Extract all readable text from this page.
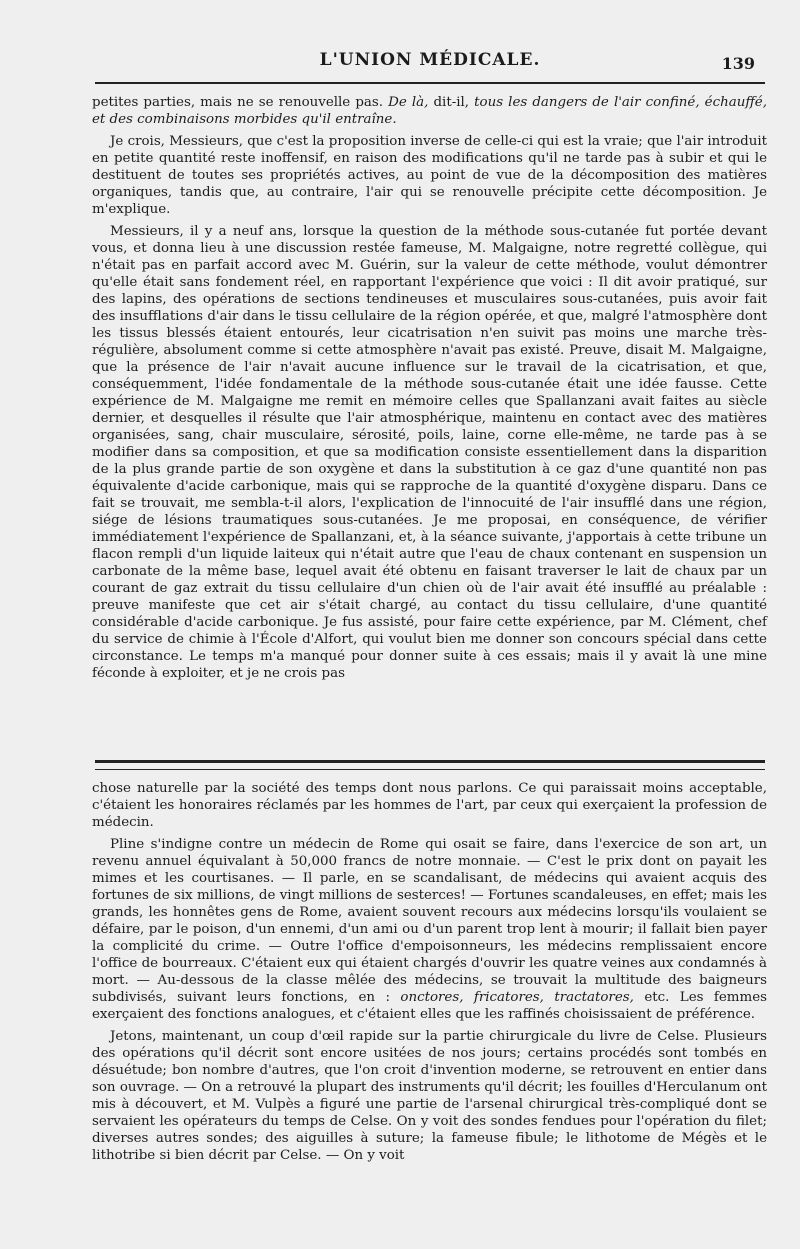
L'UNION MÉDICALE.	139

petites parties, mais ne se renouvelle pas. De là, dit-il, tous les dangers de l'air confiné, échauffé, et des combinaisons morbides qu'il entraîne.

Je crois, Messieurs, que c'est la proposition inverse de celle-ci qui est la vraie; que l'air introduit en petite quantité reste inoffensif, en raison des modifications qu'il ne tarde pas à subir et qui le destituent de toutes ses propriétés actives, au point de vue de la décomposition des matières organiques, tandis que, au contraire, l'air qui se renouvelle précipite cette décomposition. Je m'explique.

Messieurs, il y a neuf ans, lorsque la question de la méthode sous-cutanée fut portée devant vous, et donna lieu à une discussion restée fameuse, M. Malgaigne, notre regretté collègue, qui n'était pas en parfait accord avec M. Guérin, sur la valeur de cette méthode, voulut démontrer qu'elle était sans fondement réel, en rapportant l'expérience que voici : Il dit avoir pratiqué, sur des lapins, des opérations de sections tendineuses et musculaires sous-cutanées, puis avoir fait des insufflations d'air dans le tissu cellulaire de la région opérée, et que, malgré l'atmosphère dont les tissus blessés étaient entourés, leur cicatrisation n'en suivit pas moins une marche très-régulière, absolument comme si cette atmosphère n'avait pas existé. Preuve, disait M. Malgaigne, que la présence de l'air n'avait aucune influence sur le travail de la cicatrisation, et que, conséquemment, l'idée fondamentale de la méthode sous-cutanée était une idée fausse. Cette expérience de M. Malgaigne me remit en mémoire celles que Spallanzani avait faites au siècle dernier, et desquelles il résulte que l'air atmosphérique, maintenu en contact avec des matières organisées, sang, chair musculaire, sérosité, poils, laine, corne elle-même, ne tarde pas à se modifier dans sa composition, et que sa modification consiste essentiellement dans la disparition de la plus grande partie de son oxygène et dans la substitution à ce gaz d'une quantité non pas équivalente d'acide carbonique, mais qui se rapproche de la quantité d'oxygène disparu. Dans ce fait se trouvait, me sembla-t-il alors, l'explication de l'innocuité de l'air insufflé dans une région, siége de lésions traumatiques sous-cutanées. Je me proposai, en conséquence, de vérifier immédiatement l'expérience de Spallanzani, et, à la séance suivante, j'apportais à cette tribune un flacon rempli d'un liquide laiteux qui n'était autre que l'eau de chaux contenant en suspension un carbonate de la même base, lequel avait été obtenu en faisant traverser le lait de chaux par un courant de gaz extrait du tissu cellulaire d'un chien où de l'air avait été insufflé au préalable : preuve manifeste que cet air s'était chargé, au contact du tissu cellulaire, d'une quantité considérable d'acide carbonique. Je fus assisté, pour faire cette expérience, par M. Clément, chef du service de chimie à l'École d'Alfort, qui voulut bien me donner son concours spécial dans cette circonstance. Le temps m'a manqué pour donner suite à ces essais; mais il y avait là une mine féconde à exploiter, et je ne crois pas

chose naturelle par la société des temps dont nous parlons. Ce qui paraissait moins acceptable, c'étaient les honoraires réclamés par les hommes de l'art, par ceux qui exerçaient la profession de médecin.

Pline s'indigne contre un médecin de Rome qui osait se faire, dans l'exercice de son art, un revenu annuel équivalant à 50,000 francs de notre monnaie. — C'est le prix dont on payait les mimes et les courtisanes. — Il parle, en se scandalisant, de médecins qui avaient acquis des fortunes de six millions, de vingt millions de sesterces! — Fortunes scandaleuses, en effet; mais les grands, les honnêtes gens de Rome, avaient souvent recours aux médecins lorsqu'ils voulaient se défaire, par le poison, d'un ennemi, d'un ami ou d'un parent trop lent à mourir; il fallait bien payer la complicité du crime. — Outre l'office d'empoisonneurs, les médecins remplissaient encore l'office de bourreaux. C'étaient eux qui étaient chargés d'ouvrir les quatre veines aux condamnés à mort. — Au-dessous de la classe mêlée des médecins, se trouvait la multitude des baigneurs subdivisés, suivant leurs fonctions, en : onctores, fricatores, tractatores, etc. Les femmes exerçaient des fonctions analogues, et c'étaient elles que les raffinés choisissaient de préférence.

Jetons, maintenant, un coup d'œil rapide sur la partie chirurgicale du livre de Celse. Plusieurs des opérations qu'il décrit sont encore usitées de nos jours; certains procédés sont tombés en désuétude; bon nombre d'autres, que l'on croit d'invention moderne, se retrouvent en entier dans son ouvrage. — On a retrouvé la plupart des instruments qu'il décrit; les fouilles d'Herculanum ont mis à découvert, et M. Vulpès a figuré une partie de l'arsenal chirurgical très-compliqué dont se servaient les opérateurs du temps de Celse. On y voit des sondes fendues pour l'opération du filet; diverses autres sondes; des aiguilles à suture; la fameuse fibule; le lithotome de Mégès et le lithotribe si bien décrit par Celse. — On y voit
